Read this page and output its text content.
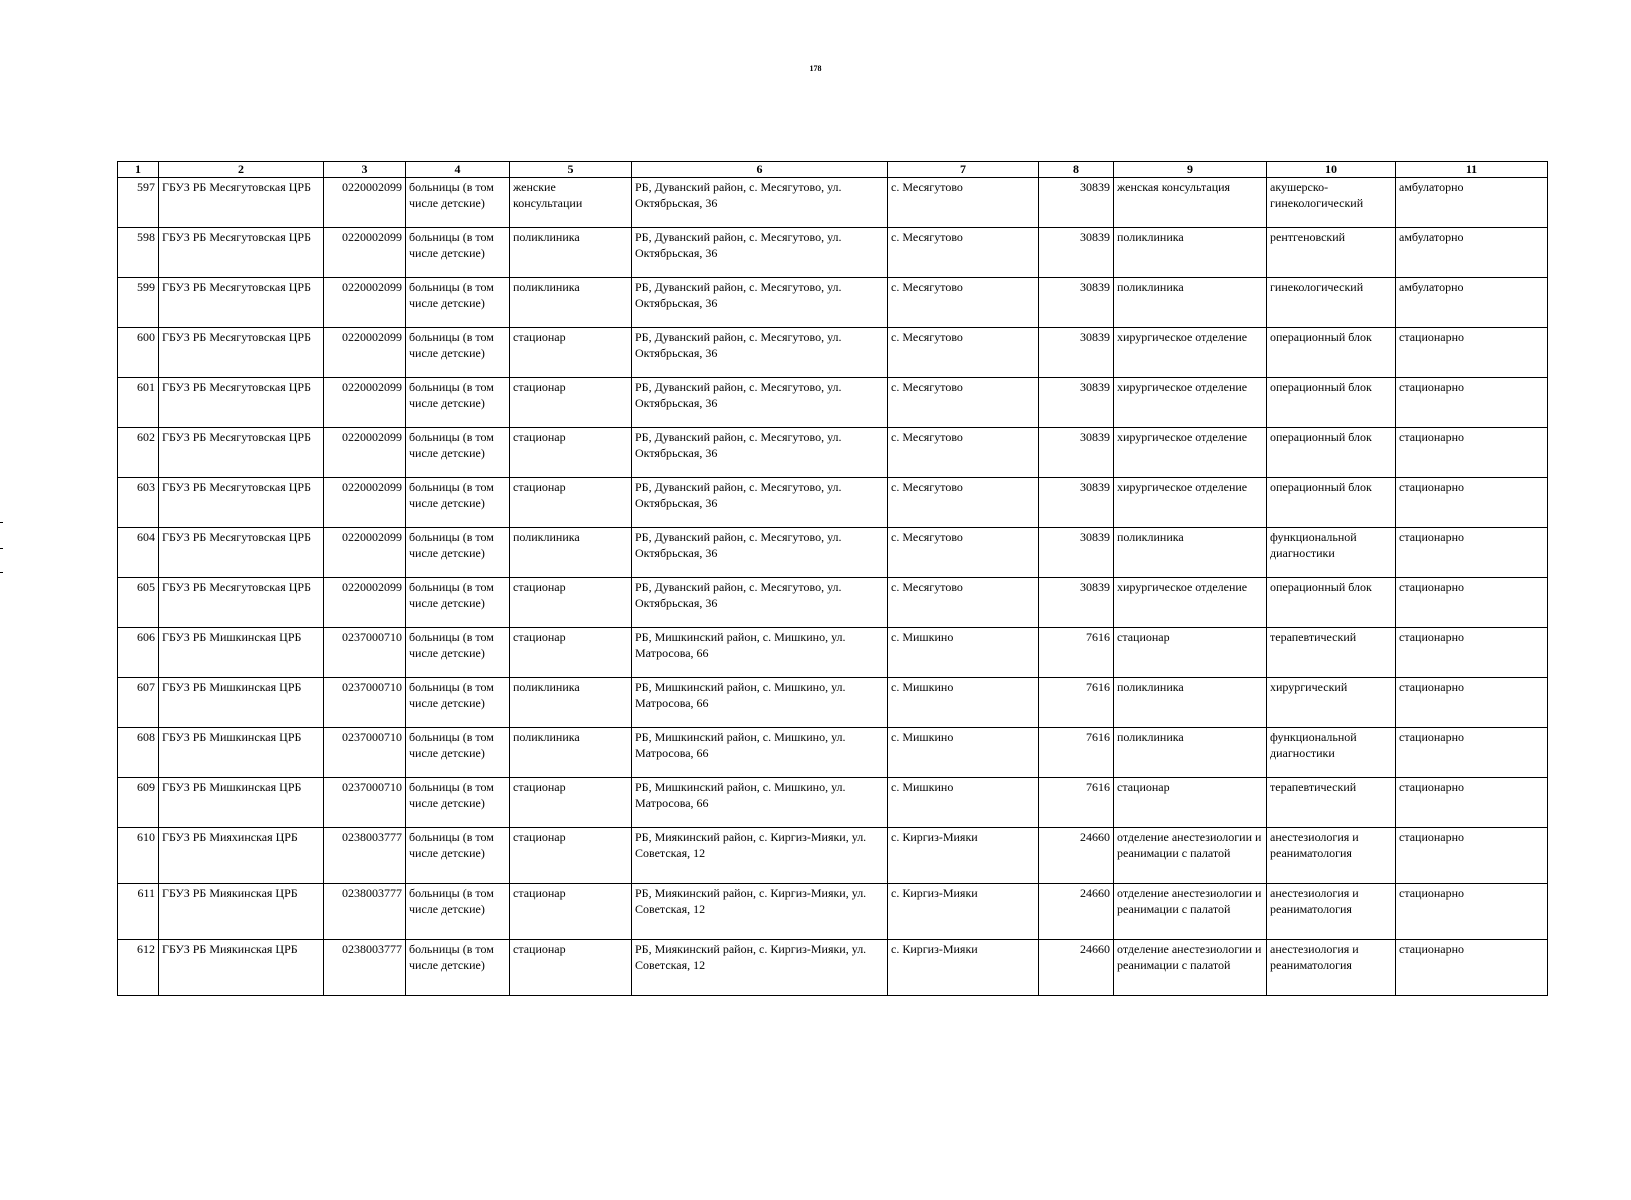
178
1	2	3	4	5	6	7	8	9	10	11
597	ГБУЗ РБ Месягутовская ЦРБ	0220002099	больницы (в том числе детские)	женские консультации	РБ, Дуванский район, с. Месягутово, ул. Октябрьская, 36	с. Месягутово	30839	женская консультация	акушерско-гинекологический	амбулаторно
598	ГБУЗ РБ Месягутовская ЦРБ	0220002099	больницы (в том числе детские)	поликлиника	РБ, Дуванский район, с. Месягутово, ул. Октябрьская, 36	с. Месягутово	30839	поликлиника	рентгеновский	амбулаторно
599	ГБУЗ РБ Месягутовская ЦРБ	0220002099	больницы (в том числе детские)	поликлиника	РБ, Дуванский район, с. Месягутово, ул. Октябрьская, 36	с. Месягутово	30839	поликлиника	гинекологический	амбулаторно
600	ГБУЗ РБ Месягутовская ЦРБ	0220002099	больницы (в том числе детские)	стационар	РБ, Дуванский район, с. Месягутово, ул. Октябрьская, 36	с. Месягутово	30839	хирургическое отделение	операционный блок	стационарно
601	ГБУЗ РБ Месягутовская ЦРБ	0220002099	больницы (в том числе детские)	стационар	РБ, Дуванский район, с. Месягутово, ул. Октябрьская, 36	с. Месягутово	30839	хирургическое отделение	операционный блок	стационарно
602	ГБУЗ РБ Месягутовская ЦРБ	0220002099	больницы (в том числе детские)	стационар	РБ, Дуванский район, с. Месягутово, ул. Октябрьская, 36	с. Месягутово	30839	хирургическое отделение	операционный блок	стационарно
603	ГБУЗ РБ Месягутовская ЦРБ	0220002099	больницы (в том числе детские)	стационар	РБ, Дуванский район, с. Месягутово, ул. Октябрьская, 36	с. Месягутово	30839	хирургическое отделение	операционный блок	стационарно
604	ГБУЗ РБ Месягутовская ЦРБ	0220002099	больницы (в том числе детские)	поликлиника	РБ, Дуванский район, с. Месягутово, ул. Октябрьская, 36	с. Месягутово	30839	поликлиника	функциональной диагностики	стационарно
605	ГБУЗ РБ Месягутовская ЦРБ	0220002099	больницы (в том числе детские)	стационар	РБ, Дуванский район, с. Месягутово, ул. Октябрьская, 36	с. Месягутово	30839	хирургическое отделение	операционный блок	стационарно
606	ГБУЗ РБ Мишкинская ЦРБ	0237000710	больницы (в том числе детские)	стационар	РБ, Мишкинский район, с. Мишкино, ул. Матросова, 66	с. Мишкино	7616	стационар	терапевтический	стационарно
607	ГБУЗ РБ Мишкинская ЦРБ	0237000710	больницы (в том числе детские)	поликлиника	РБ, Мишкинский район, с. Мишкино, ул. Матросова, 66	с. Мишкино	7616	поликлиника	хирургический	стационарно
608	ГБУЗ РБ Мишкинская ЦРБ	0237000710	больницы (в том числе детские)	поликлиника	РБ, Мишкинский район, с. Мишкино, ул. Матросова, 66	с. Мишкино	7616	поликлиника	функциональной диагностики	стационарно
609	ГБУЗ РБ Мишкинская ЦРБ	0237000710	больницы (в том числе детские)	стационар	РБ, Мишкинский район, с. Мишкино, ул. Матросова, 66	с. Мишкино	7616	стационар	терапевтический	стационарно
610	ГБУЗ РБ Мияхинская ЦРБ	0238003777	больницы (в том числе детские)	стационар	РБ, Миякинский район, с. Киргиз-Мияки, ул. Советская, 12	с. Киргиз-Мияки	24660	отделение анестезиологии и реанимации с палатой	анестезиология и реаниматология	стационарно
611	ГБУЗ РБ Миякинская ЦРБ	0238003777	больницы (в том числе детские)	стационар	РБ, Миякинский район, с. Киргиз-Мияки, ул. Советская, 12	с. Киргиз-Мияки	24660	отделение анестезиологии и реанимации с палатой	анестезиология и реаниматология	стационарно
612	ГБУЗ РБ Миякинская ЦРБ	0238003777	больницы (в том числе детские)	стационар	РБ, Миякинский район, с. Киргиз-Мияки, ул. Советская, 12	с. Киргиз-Мияки	24660	отделение анестезиологии и реанимации с палатой	анестезиология и реаниматология	стационарно
